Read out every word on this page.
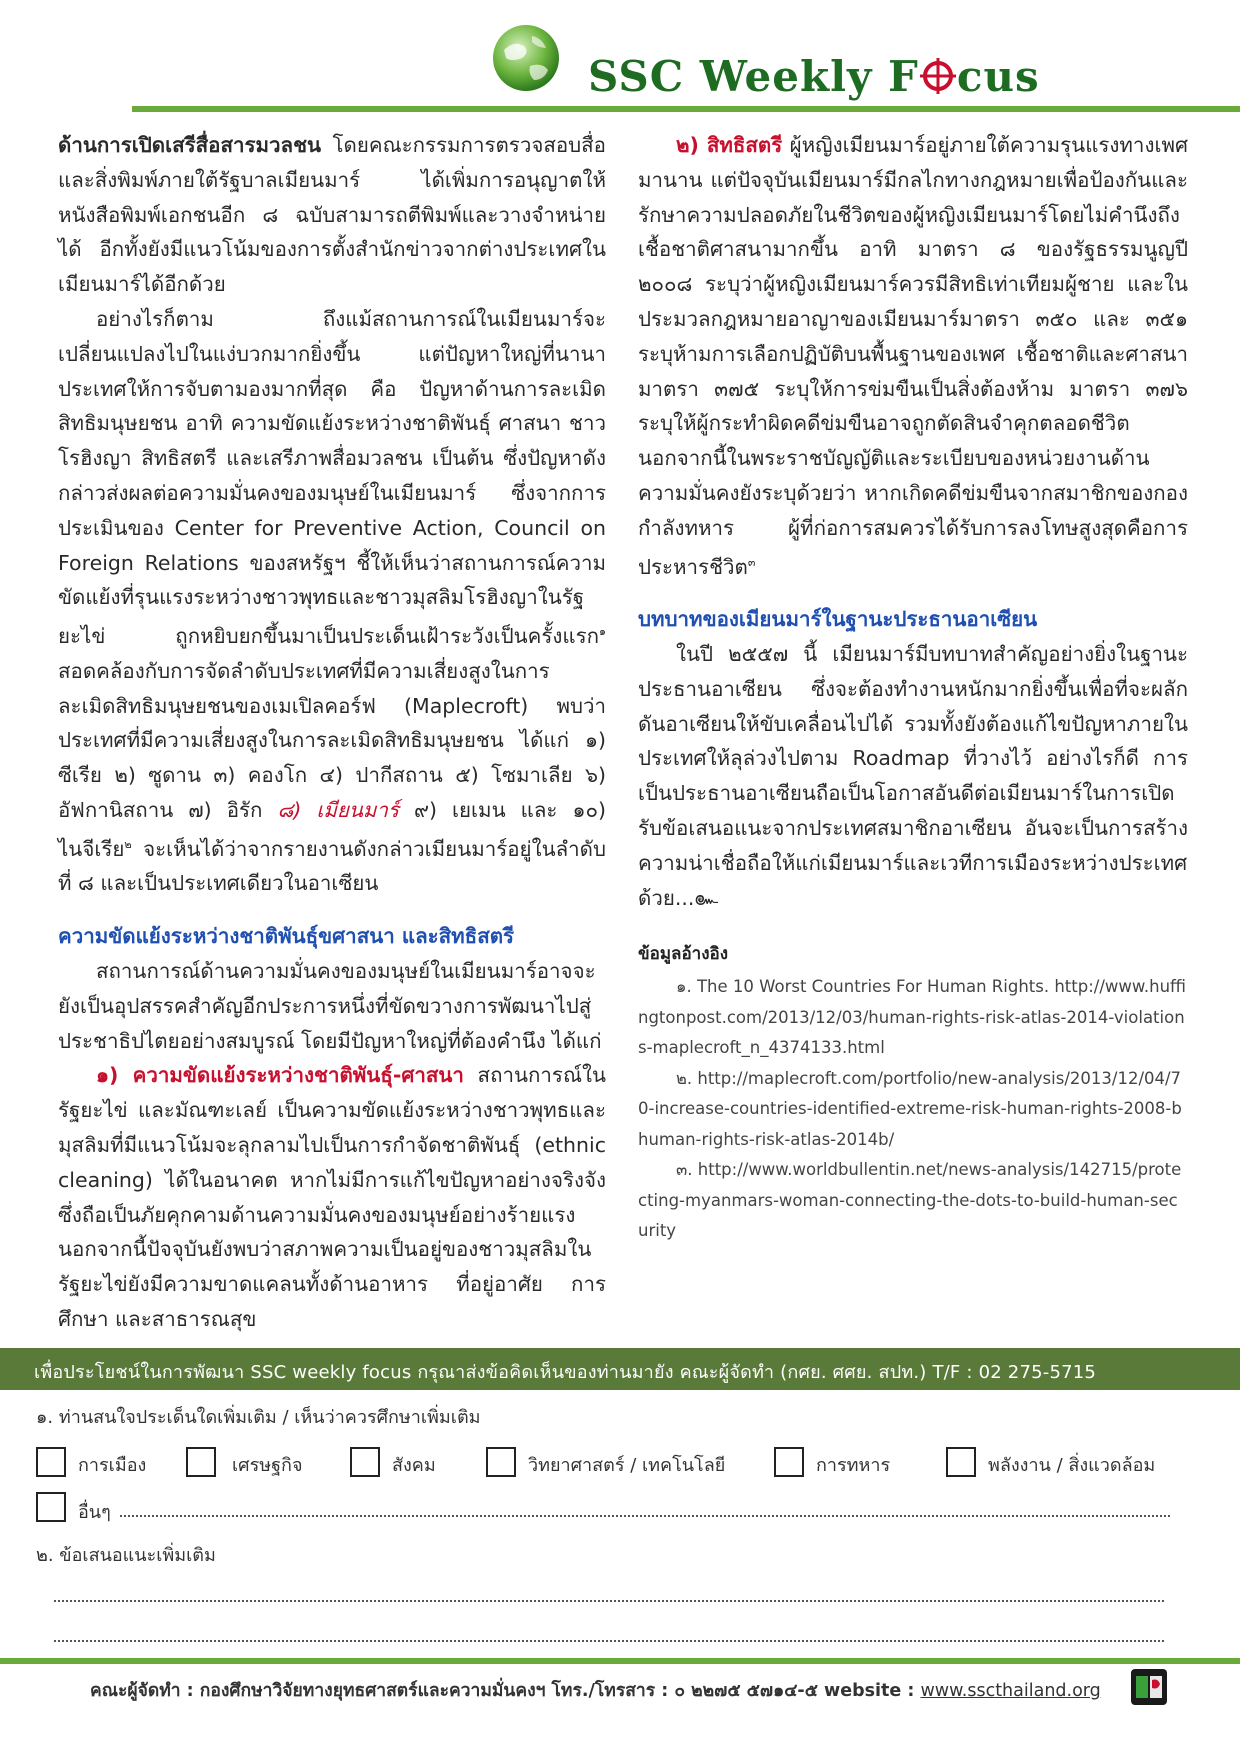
SSC Weekly F cus

ด้านการเปิดเสรีสื่อสารมวลชน โดยคณะกรรมการตรวจสอบสื่อและสิ่งพิมพ์ภายใต้รัฐบาลเมียนมาร์ ได้เพิ่มการอนุญาตให้หนังสือพิมพ์เอกชนอีก ๘ ฉบับสามารถตีพิมพ์และวางจำหน่ายได้ อีกทั้งยังมีแนวโน้มของการตั้งสำนักข่าวจากต่างประเทศในเมียนมาร์ได้อีกด้วย

อย่างไรก็ตาม ถึงแม้สถานการณ์ในเมียนมาร์จะเปลี่ยนแปลงไปในแง่บวกมากยิ่งขึ้น แต่ปัญหาใหญ่ที่นานาประเทศให้การจับตามองมากที่สุด คือ ปัญหาด้านการละเมิดสิทธิมนุษยชน อาทิ ความขัดแย้งระหว่างชาติพันธุ์ ศาสนา ชาวโรฮิงญา สิทธิสตรี และเสรีภาพสื่อมวลชน เป็นต้น ซึ่งปัญหาดังกล่าวส่งผลต่อความมั่นคงของมนุษย์ในเมียนมาร์ ซึ่งจากการประเมินของ Center for Preventive Action, Council on Foreign Relations ของสหรัฐฯ ชี้ให้เห็นว่าสถานการณ์ความขัดแย้งที่รุนแรงระหว่างชาวพุทธและชาวมุสลิมโรฮิงญาในรัฐยะไข่ ถูกหยิบยกขึ้นมาเป็นประเด็นเฝ้าระวังเป็นครั้งแรก$^๑$ สอดคล้องกับการจัดลำดับประเทศที่มีความเสี่ยงสูงในการละเมิดสิทธิมนุษยชนของเมเปิลคอร์ฟ (Maplecroft) พบว่าประเทศที่มีความเสี่ยงสูงในการละเมิดสิทธิมนุษยชน ได้แก่ ๑) ซีเรีย ๒) ซูดาน ๓) คองโก ๔) ปากีสถาน ๕) โซมาเลีย ๖) อัฟกานิสถาน ๗) อิรัก ๘) เมียนมาร์ ๙) เยเมน และ ๑๐) ไนจีเรีย$^๒$ จะเห็นได้ว่าจากรายงานดังกล่าวเมียนมาร์อยู่ในลำดับที่ ๘ และเป็นประเทศเดียวในอาเซียน

ความขัดแย้งระหว่างชาติพันธุ์ขศาสนา และสิทธิสตรี

สถานการณ์ด้านความมั่นคงของมนุษย์ในเมียนมาร์อาจจะยังเป็นอุปสรรคสำคัญอีกประการหนึ่งที่ขัดขวางการพัฒนาไปสู่ประชาธิปไตยอย่างสมบูรณ์ โดยมีปัญหาใหญ่ที่ต้องคำนึง ได้แก่

๑) ความขัดแย้งระหว่างชาติพันธุ์-ศาสนา สถานการณ์ในรัฐยะไข่ และมัณฑะเลย์ เป็นความขัดแย้งระหว่างชาวพุทธและมุสลิมที่มีแนวโน้มจะลุกลามไปเป็นการกำจัดชาติพันธุ์ (ethnic cleaning) ได้ในอนาคต หากไม่มีการแก้ไขปัญหาอย่างจริงจัง ซึ่งถือเป็นภัยคุกคามด้านความมั่นคงของมนุษย์อย่างร้ายแรง นอกจากนี้ปัจจุบันยังพบว่าสภาพความเป็นอยู่ของชาวมุสลิมในรัฐยะไข่ยังมีความขาดแคลนทั้งด้านอาหาร ที่อยู่อาศัย การศึกษา และสาธารณสุข

๒) สิทธิสตรี ผู้หญิงเมียนมาร์อยู่ภายใต้ความรุนแรงทางเพศมานาน แต่ปัจจุบันเมียนมาร์มีกลไกทางกฎหมายเพื่อป้องกันและรักษาความปลอดภัยในชีวิตของผู้หญิงเมียนมาร์โดยไม่คำนึงถึงเชื้อชาติศาสนามากขึ้น อาทิ มาตรา ๘ ของรัฐธรรมนูญปี ๒๐๐๘ ระบุว่าผู้หญิงเมียนมาร์ควรมีสิทธิเท่าเทียมผู้ชาย และในประมวลกฎหมายอาญาของเมียนมาร์มาตรา ๓๕๐ และ ๓๕๑ ระบุห้ามการเลือกปฏิบัติบนพื้นฐานของเพศ เชื้อชาติและศาสนา มาตรา ๓๗๕ ระบุให้การข่มขืนเป็นสิ่งต้องห้าม มาตรา ๓๗๖ ระบุให้ผู้กระทำผิดคดีข่มขืนอาจถูกตัดสินจำคุกตลอดชีวิต นอกจากนี้ในพระราชบัญญัติและระเบียบของหน่วยงานด้านความมั่นคงยังระบุด้วยว่า หากเกิดคดีข่มขืนจากสมาชิกของกองกำลังทหาร ผู้ที่ก่อการสมควรได้รับการลงโทษสูงสุดคือการประหารชีวิต$^๓$

บทบาทของเมียนมาร์ในฐานะประธานอาเซียน

ในปี ๒๕๕๗ นี้ เมียนมาร์มีบทบาทสำคัญอย่างยิ่งในฐานะประธานอาเซียน ซึ่งจะต้องทำงานหนักมากยิ่งขึ้นเพื่อที่จะผลักดันอาเซียนให้ขับเคลื่อนไปได้ รวมทั้งยังต้องแก้ไขปัญหาภายในประเทศให้ลุล่วงไปตาม Roadmap ที่วางไว้ อย่างไรก็ดี การเป็นประธานอาเซียนถือเป็นโอกาสอันดีต่อเมียนมาร์ในการเปิดรับข้อเสนอแนะจากประเทศสมาชิกอาเซียน อันจะเป็นการสร้างความน่าเชื่อถือให้แก่เมียนมาร์และเวทีการเมืองระหว่างประเทศด้วย...๛

ข้อมูลอ้างอิง

๑. The 10 Worst Countries For Human Rights. http://www.huffingtonpost.com/2013/12/03/human-rights-risk-atlas-2014-violations-maplecroft_n_4374133.html

๒. http://maplecroft.com/portfolio/new-analysis/2013/12/04/70-increase-countries-identified-extreme-risk-human-rights-2008-bhuman-rights-risk-atlas-2014b/

๓. http://www.worldbullentin.net/news-analysis/142715/protecting-myanmars-woman-connecting-the-dots-to-build-human-security

เพื่อประโยชน์ในการพัฒนา SSC weekly focus กรุณาส่งข้อคิดเห็นของท่านมายัง คณะผู้จัดทำ (กศย. ศศย. สปท.) T/F : 02 275-5715
๑. ท่านสนใจประเด็นใดเพิ่มเติม / เห็นว่าควรศึกษาเพิ่มเติม
การเมือง	เศรษฐกิจ	สังคม	วิทยาศาสตร์ / เทคโนโลยี	การทหาร	พลังงาน / สิ่งแวดล้อม
อื่นๆ
๒. ข้อเสนอแนะเพิ่มเติม
คณะผู้จัดทำ : กองศึกษาวิจัยทางยุทธศาสตร์และความมั่นคงฯ โทร./โทรสาร : ๐ ๒๒๗๕ ๕๗๑๔-๕ website : www.sscthailand.org
